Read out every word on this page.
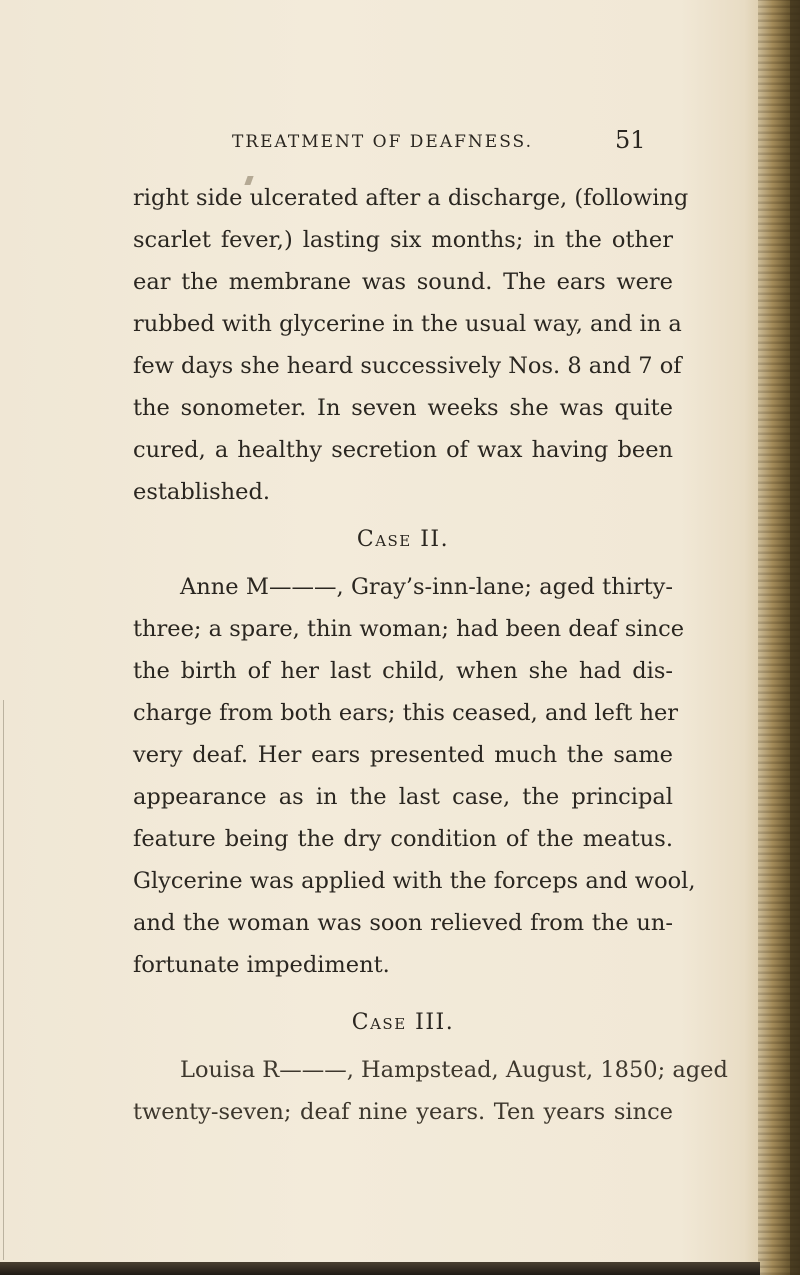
TREATMENT OF DEAFNESS.	51
right side ulcerated after a discharge, (following
scarlet fever,) lasting six months; in the other
ear the membrane was sound. The ears were
rubbed with glycerine in the usual way, and in a
few days she heard successively Nos. 8 and 7 of
the sonometer. In seven weeks she was quite
cured, a healthy secretion of wax having been
established.
Case II.
Anne M———, Gray’s-inn-lane; aged thirty-
three; a spare, thin woman; had been deaf since
the birth of her last child, when she had dis-
charge from both ears; this ceased, and left her
very deaf. Her ears presented much the same
appearance as in the last case, the principal
feature being the dry condition of the meatus.
Glycerine was applied with the forceps and wool,
and the woman was soon relieved from the un-
fortunate impediment.
Case III.
Louisa R———, Hampstead, August, 1850; aged
twenty-seven; deaf nine years. Ten years since
